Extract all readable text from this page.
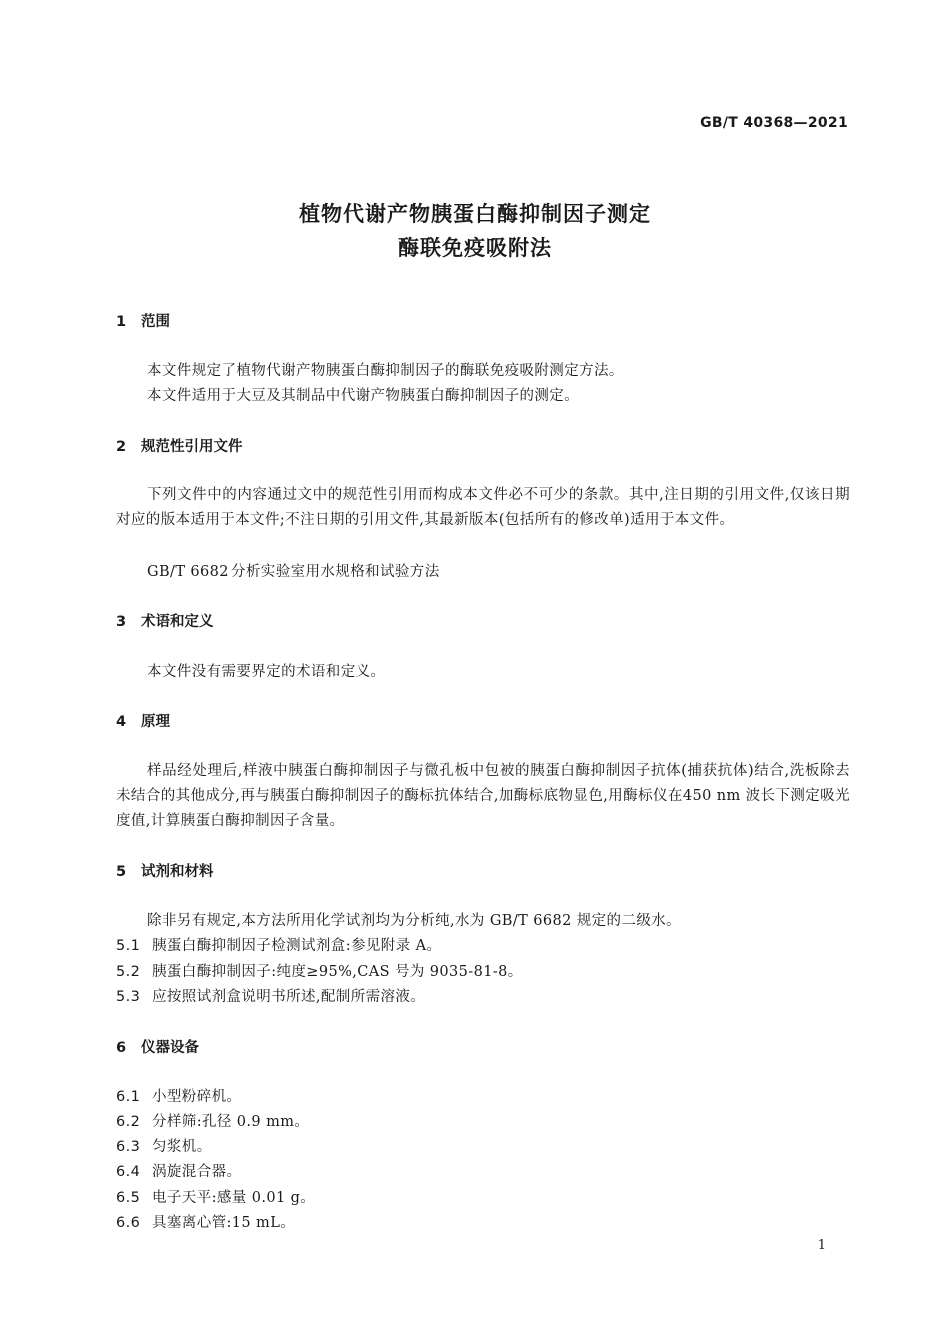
GB/T 40368—2021
植物代谢产物胰蛋白酶抑制因子测定
酶联免疫吸附法
1 范围
本文件规定了植物代谢产物胰蛋白酶抑制因子的酶联免疫吸附测定方法。
本文件适用于大豆及其制品中代谢产物胰蛋白酶抑制因子的测定。
2 规范性引用文件
下列文件中的内容通过文中的规范性引用而构成本文件必不可少的条款。其中,注日期的引用文件,仅该日期对应的版本适用于本文件;不注日期的引用文件,其最新版本(包括所有的修改单)适用于本文件。
GB/T 6682 分析实验室用水规格和试验方法
3 术语和定义
本文件没有需要界定的术语和定义。
4 原理
样品经处理后,样液中胰蛋白酶抑制因子与微孔板中包被的胰蛋白酶抑制因子抗体(捕获抗体)结合,洗板除去未结合的其他成分,再与胰蛋白酶抑制因子的酶标抗体结合,加酶标底物显色,用酶标仪在450 nm 波长下测定吸光度值,计算胰蛋白酶抑制因子含量。
5 试剂和材料
除非另有规定,本方法所用化学试剂均为分析纯,水为 GB/T 6682 规定的二级水。
5.1 胰蛋白酶抑制因子检测试剂盒:参见附录 A。
5.2 胰蛋白酶抑制因子:纯度≥95%,CAS 号为 9035-81-8。
5.3 应按照试剂盒说明书所述,配制所需溶液。
6 仪器设备
6.1 小型粉碎机。
6.2 分样筛:孔径 0.9 mm。
6.3 匀浆机。
6.4 涡旋混合器。
6.5 电子天平:感量 0.01 g。
6.6 具塞离心管:15 mL。
1
